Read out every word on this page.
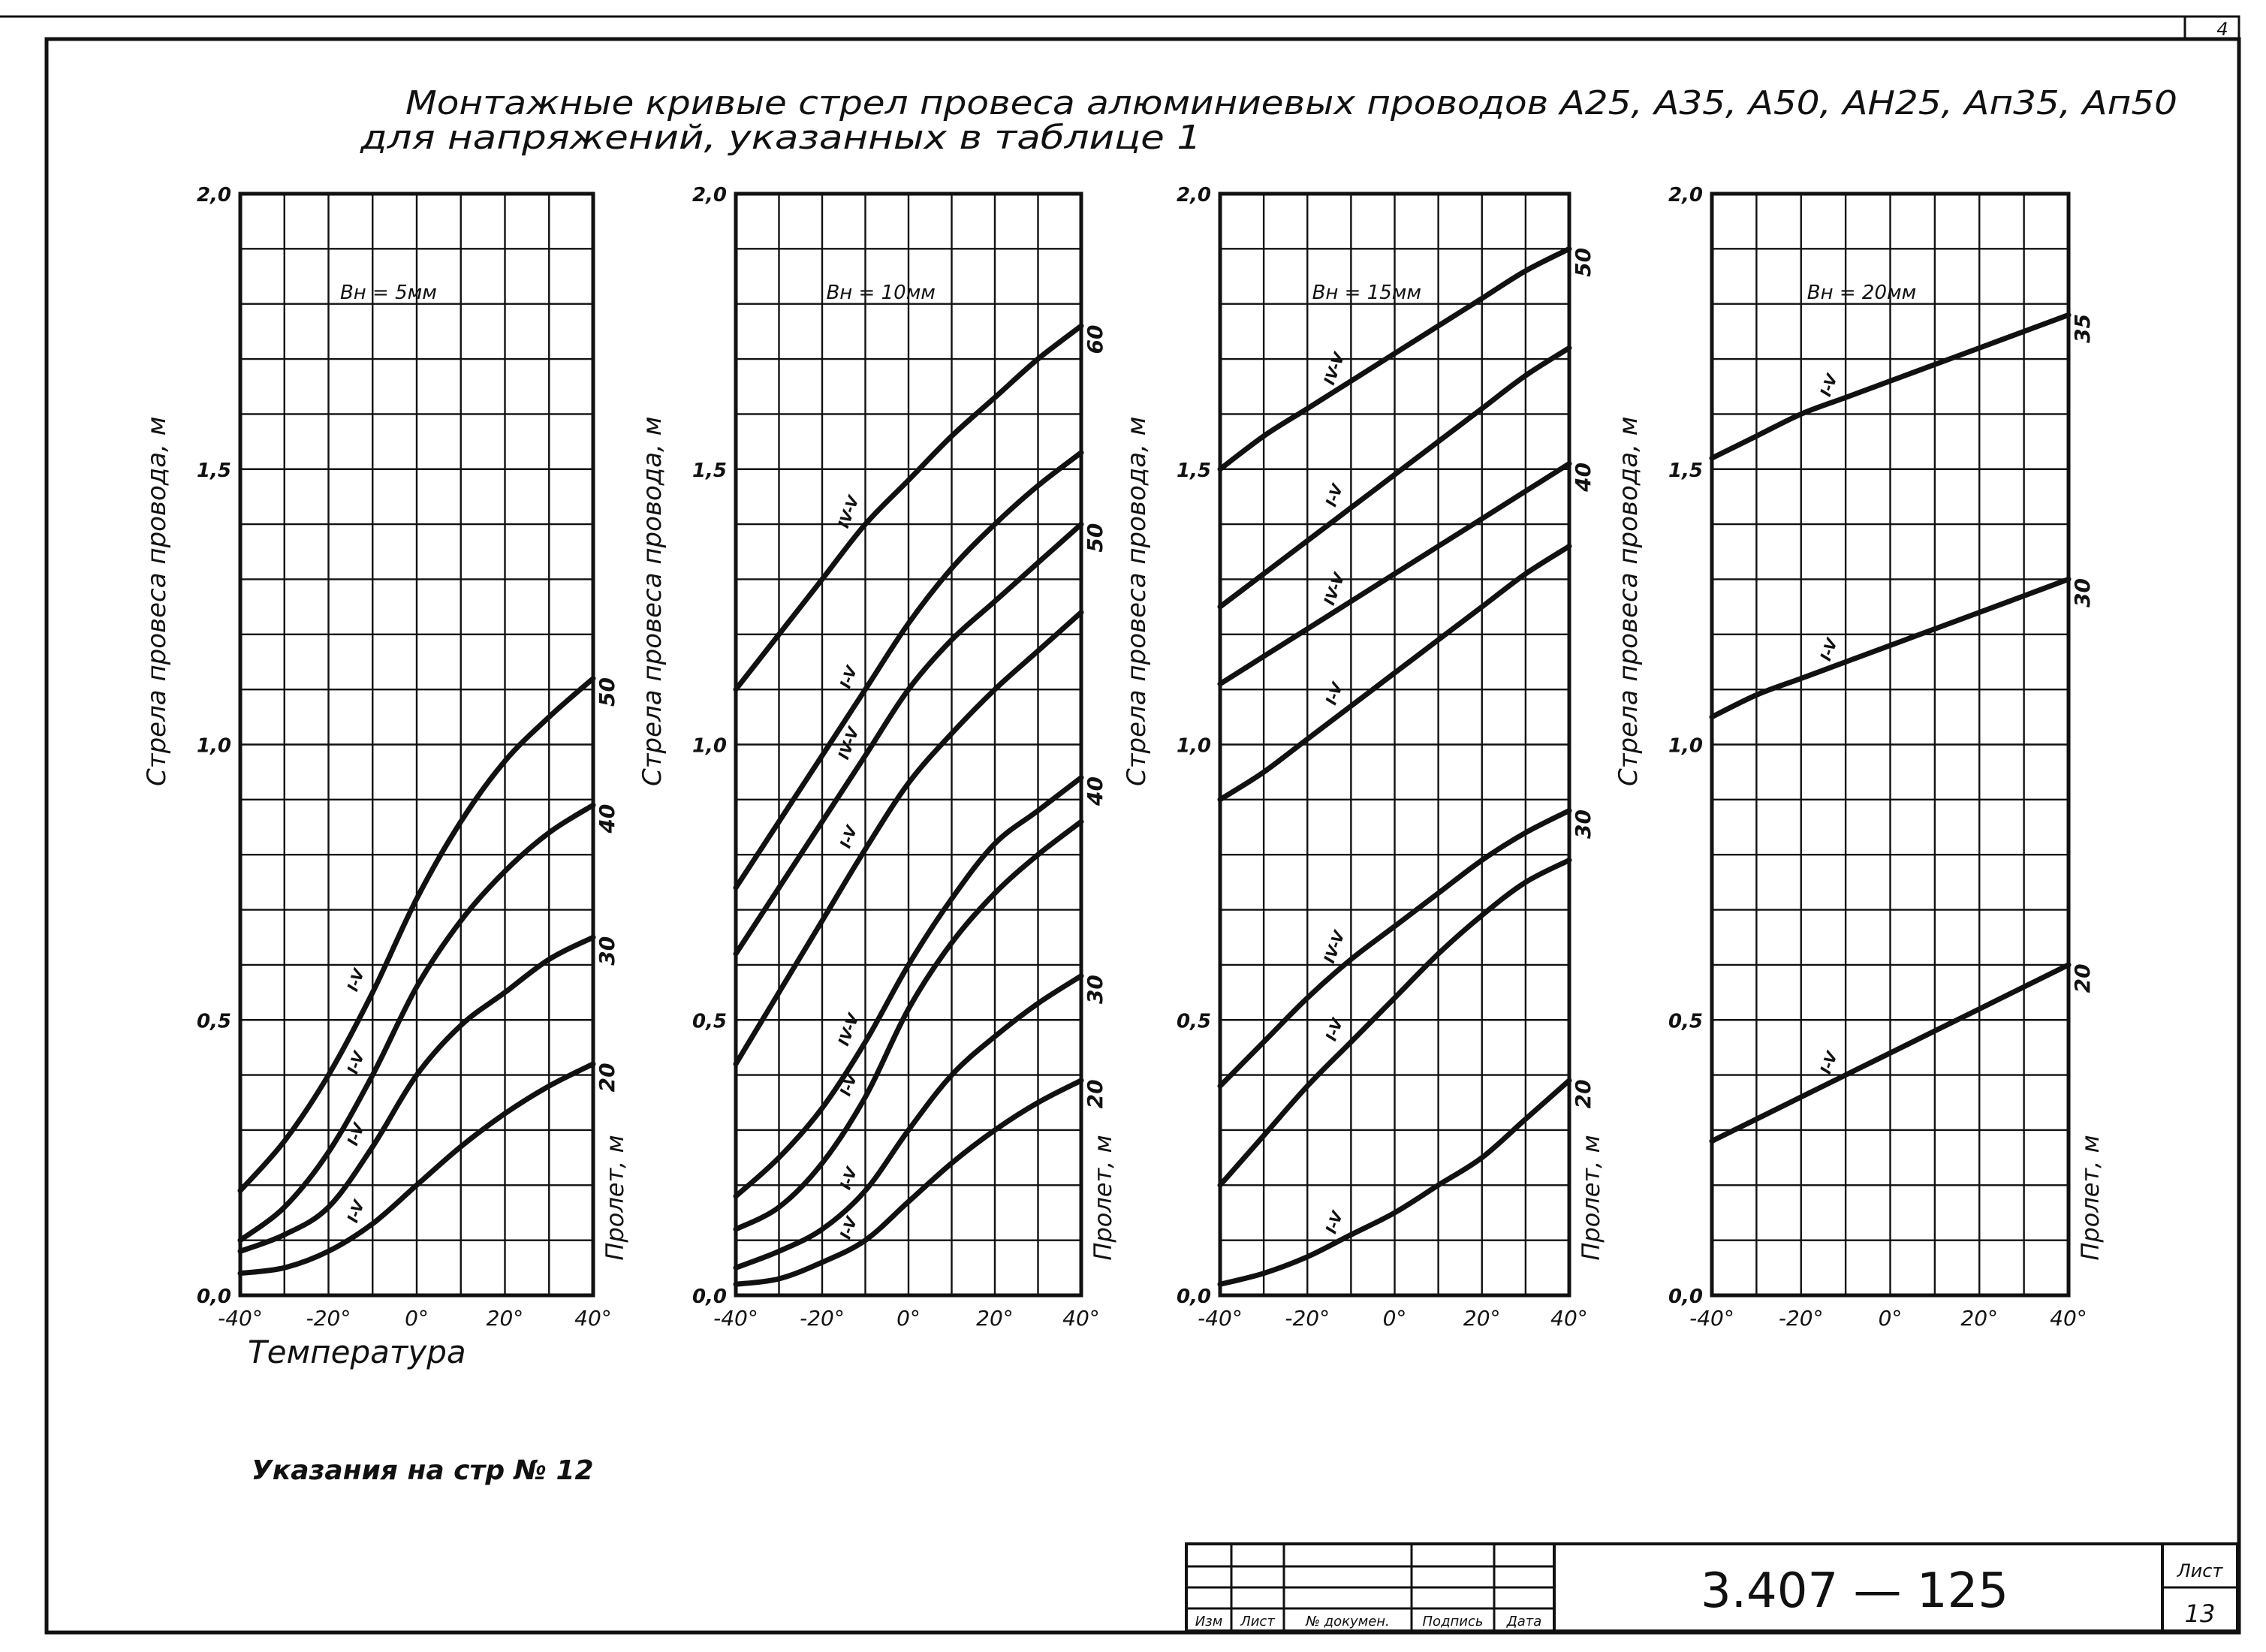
4
Монтажные кривые стрел провеса алюминиевых проводов А25, А35, А50, АН25, Ап35, Ап50
для напряжений, указанных в таблице 1
0,0
0,5
1,0
1,5
2,0
-40° -20°	0°	20° 40°
Вн = 5мм
Стрела провеса провода, м
Пролет, м
I-V
50
I-V
40
I-V
30
I-V
20
0,0
0,5
1,0
1,5
2,0
-40° -20° 0°	20° 40°
Вн = 10мм
Стрела провеса провода, м
Пролет, м
IV-V
60
I-V
IV-V
50
I-V
IV-V
40
I-V
I-V
30
I-V
20
0,0
0,5
1,0
1,5
2,0
-40° -20°	0°	20° 40°
Вн = 15мм
Стрела провеса провода, м
Пролет, м
IV-V
50
I-V
IV-V
40
I-V
IV-V
30
I-V
I-V
20
0,0
0,5
1,0
1,5
2,0
-40° -20°	0°	20° 40°
Вн = 20мм
Стрела провеса провода, м
Пролет, м
I-V
35
I-V
30
I-V
20
Температура
Указания на стр № 12
Изм Лист № докумен. Подпись Дата
3.407 — 125	Лист
13
